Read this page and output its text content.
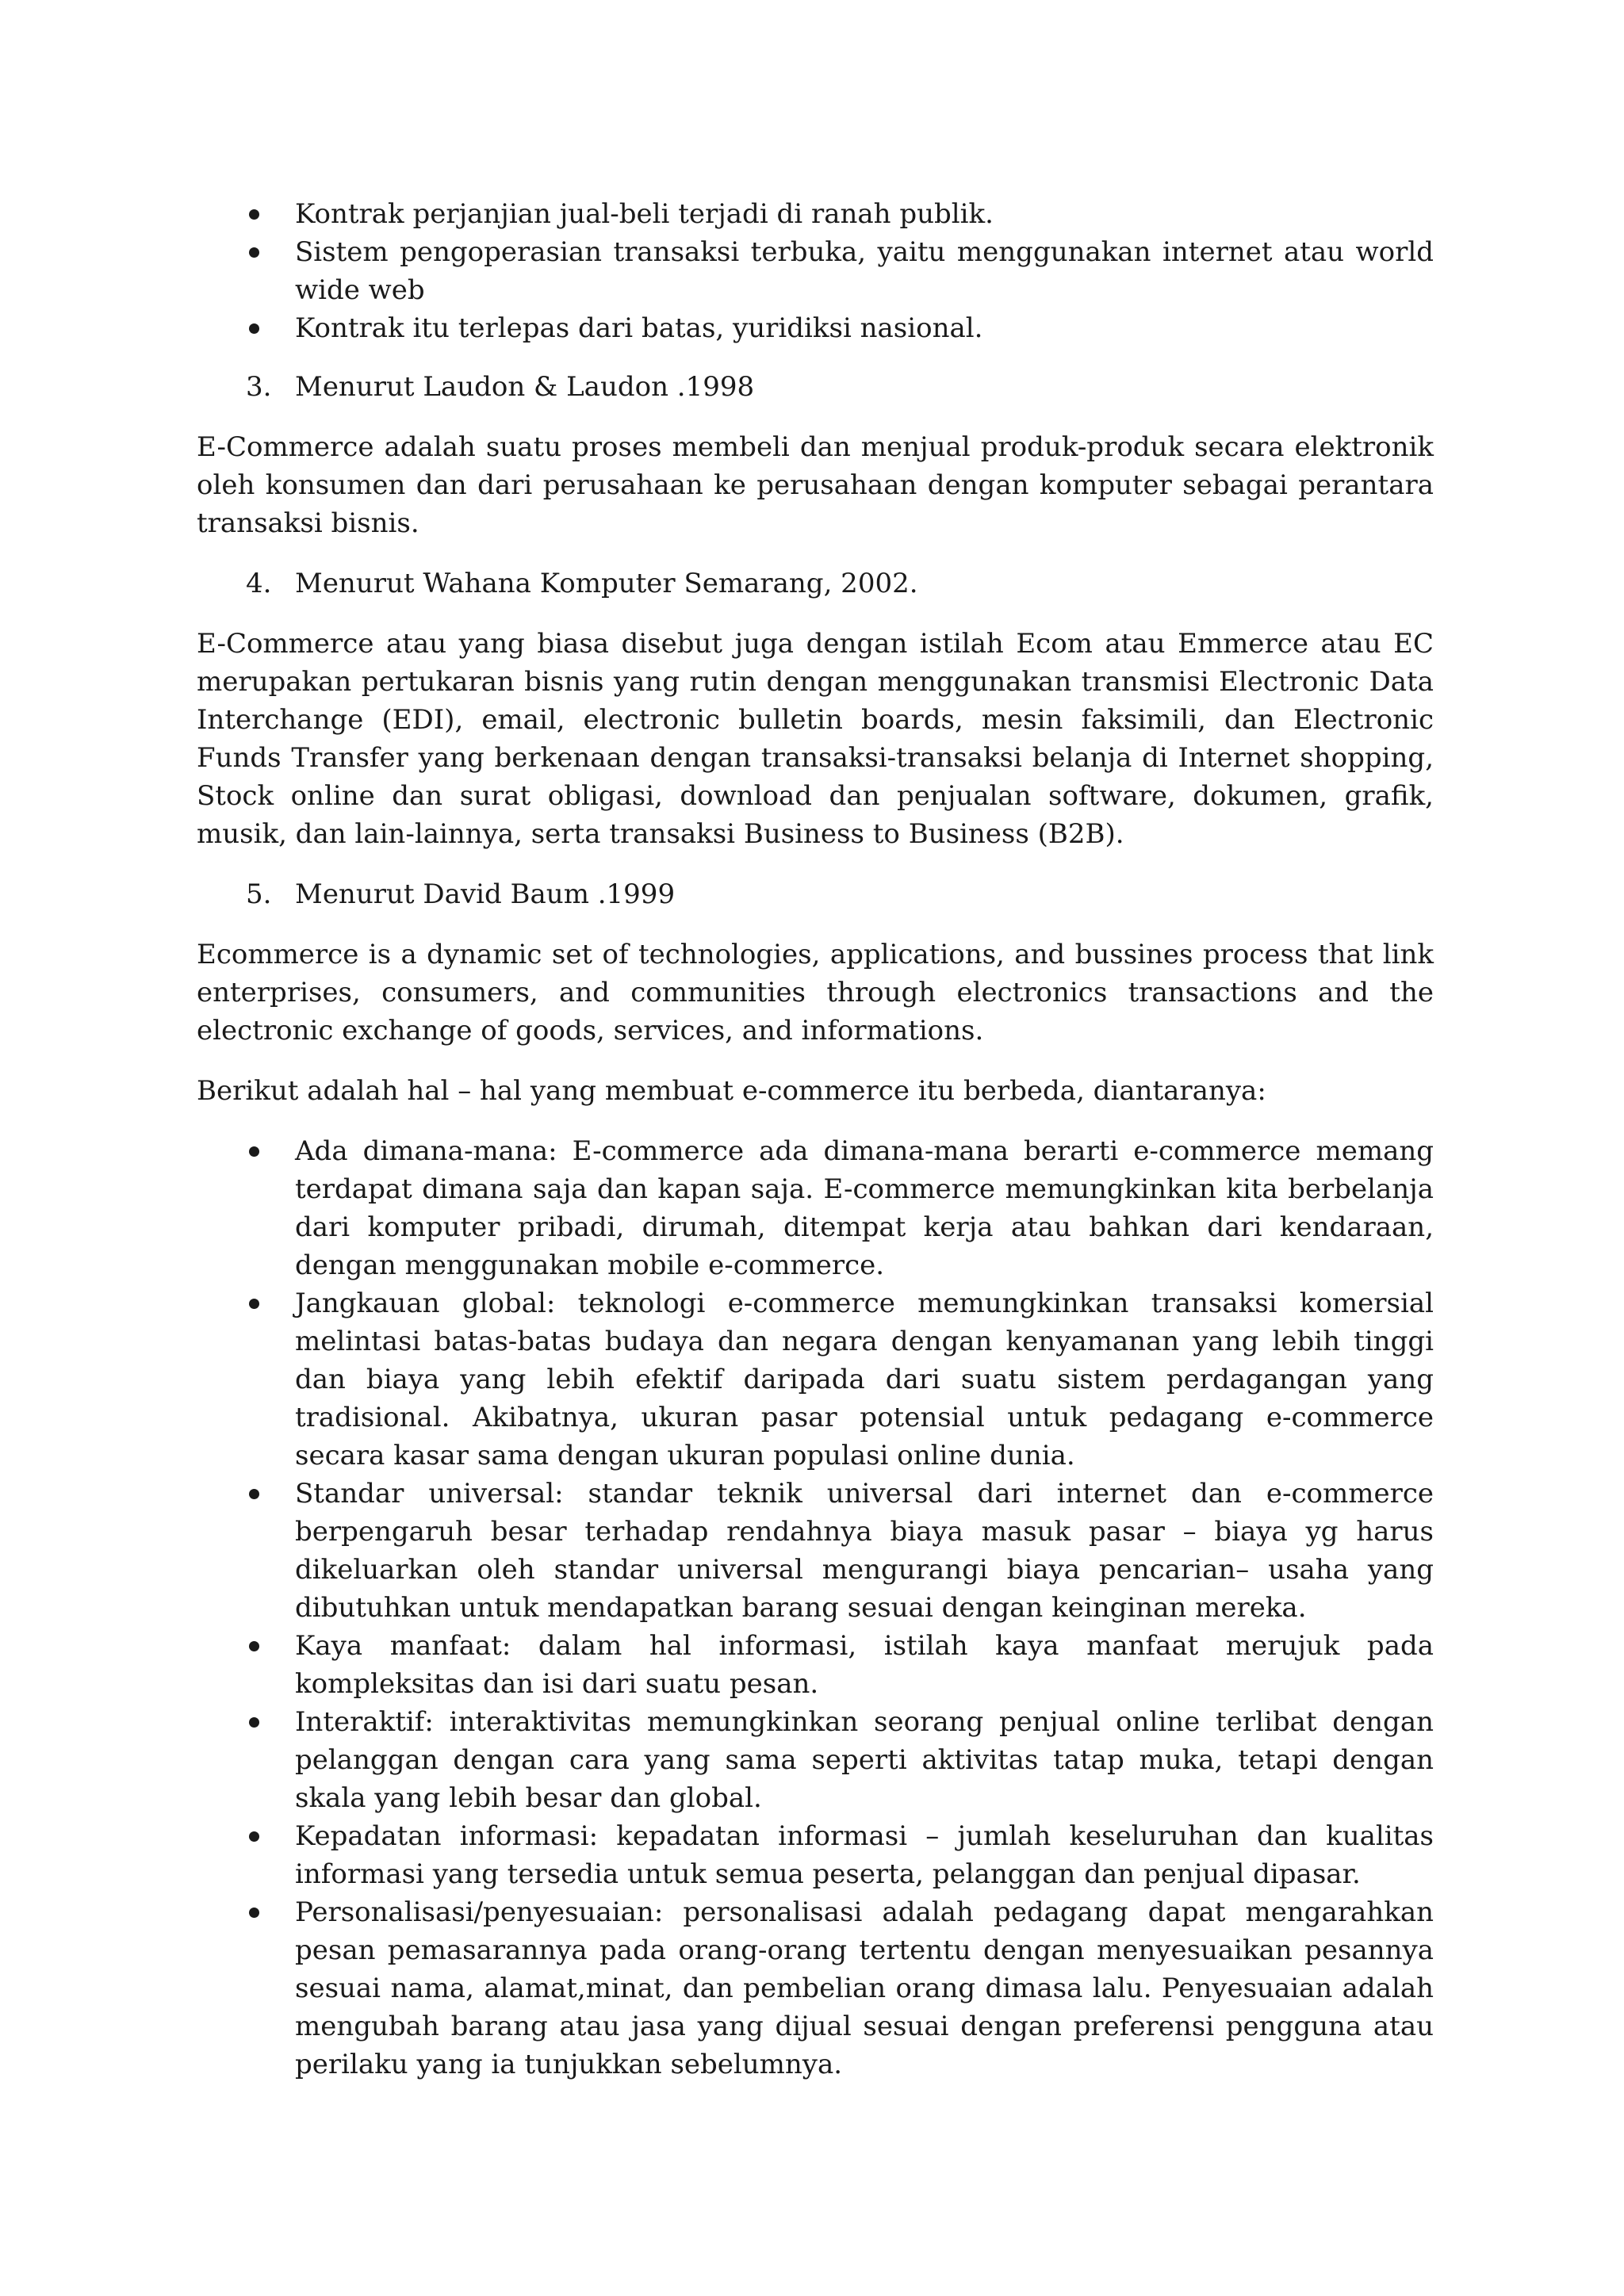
Kontrak perjanjian jual-beli terjadi di ranah publik.
Sistem pengoperasian transaksi terbuka, yaitu menggunakan internet atau world wide web
Kontrak itu terlepas dari batas, yuridiksi nasional.
3. Menurut Laudon & Laudon .1998

E-Commerce adalah suatu proses membeli dan menjual produk-produk secara elektronik oleh konsumen dan dari perusahaan ke perusahaan dengan komputer sebagai perantara transaksi bisnis.

4. Menurut Wahana Komputer Semarang, 2002.

E-Commerce atau yang biasa disebut juga dengan istilah Ecom atau Emmerce atau EC merupakan pertukaran bisnis yang rutin dengan menggunakan transmisi Electronic Data Interchange (EDI), email, electronic bulletin boards, mesin faksimili, dan Electronic Funds Transfer yang berkenaan dengan transaksi-transaksi belanja di Internet shopping, Stock online dan surat obligasi, download dan penjualan software, dokumen, grafik, musik, dan lain-lainnya, serta transaksi Business to Business (B2B).

5. Menurut David Baum .1999

Ecommerce is a dynamic set of technologies, applications, and bussines process that link enterprises, consumers, and communities through electronics transactions and the electronic exchange of goods, services, and informations.

Berikut adalah hal – hal yang membuat e-commerce itu berbeda, diantaranya:

Ada dimana-mana: E-commerce ada dimana-mana berarti e-commerce memang terdapat dimana saja dan kapan saja. E-commerce memungkinkan kita berbelanja dari komputer pribadi, dirumah, ditempat kerja atau bahkan dari kendaraan, dengan menggunakan mobile e-commerce.
Jangkauan global: teknologi e-commerce memungkinkan transaksi komersial melintasi batas-batas budaya dan negara dengan kenyamanan yang lebih tinggi dan biaya yang lebih efektif daripada dari suatu sistem perdagangan yang tradisional. Akibatnya, ukuran pasar potensial untuk pedagang e-commerce secara kasar sama dengan ukuran populasi online dunia.
Standar universal: standar teknik universal dari internet dan e-commerce berpengaruh besar terhadap rendahnya biaya masuk pasar – biaya yg harus dikeluarkan oleh standar universal mengurangi biaya pencarian– usaha yang dibutuhkan untuk mendapatkan barang sesuai dengan keinginan mereka.
Kaya manfaat: dalam hal informasi, istilah kaya manfaat merujuk pada kompleksitas dan isi dari suatu pesan.
Interaktif: interaktivitas memungkinkan seorang penjual online terlibat dengan pelanggan dengan cara yang sama seperti aktivitas tatap muka, tetapi dengan skala yang lebih besar dan global.
Kepadatan informasi: kepadatan informasi – jumlah keseluruhan dan kualitas informasi yang tersedia untuk semua peserta, pelanggan dan penjual dipasar.
Personalisasi/penyesuaian: personalisasi adalah pedagang dapat mengarahkan pesan pemasarannya pada orang-orang tertentu dengan menyesuaikan pesannya sesuai nama, alamat,minat, dan pembelian orang dimasa lalu. Penyesuaian adalah mengubah barang atau jasa yang dijual sesuai dengan preferensi pengguna atau perilaku yang ia tunjukkan sebelumnya.
